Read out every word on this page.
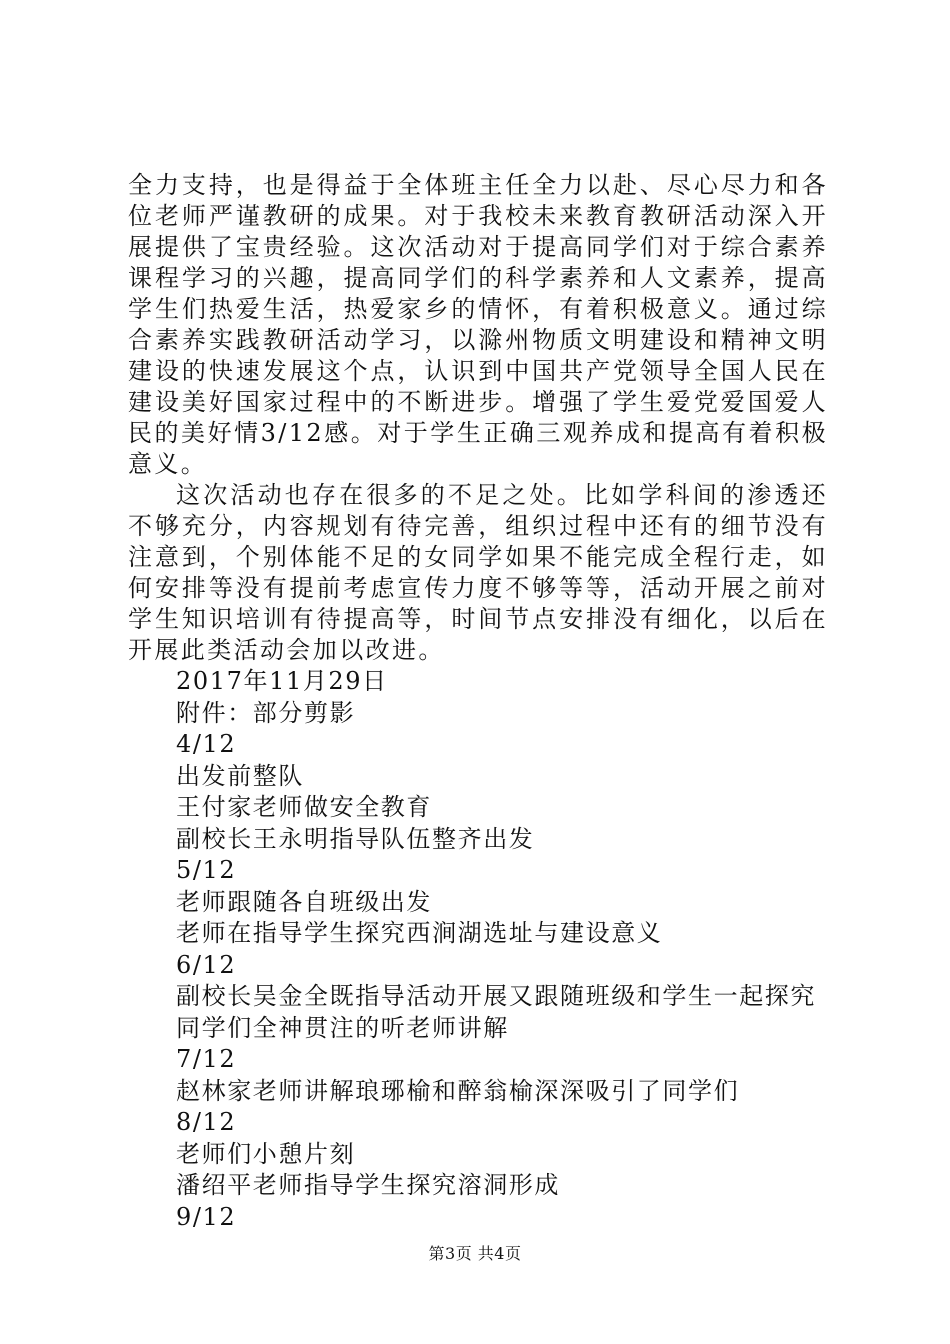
全力支持，也是得益于全体班主任全力以赴、尽心尽力和各位老师严谨教研的成果。对于我校未来教育教研活动深入开展提供了宝贵经验。这次活动对于提高同学们对于综合素养课程学习的兴趣，提高同学们的科学素养和人文素养，提高学生们热爱生活，热爱家乡的情怀，有着积极意义。通过综合素养实践教研活动学习，以滁州物质文明建设和精神文明建设的快速发展这个点，认识到中国共产党领导全国人民在建设美好国家过程中的不断进步。增强了学生爱党爱国爱人民的美好情3/12感。对于学生正确三观养成和提高有着积极意义。

这次活动也存在很多的不足之处。比如学科间的渗透还不够充分，内容规划有待完善，组织过程中还有的细节没有注意到，个别体能不足的女同学如果不能完成全程行走，如何安排等没有提前考虑宣传力度不够等等，活动开展之前对学生知识培训有待提高等，时间节点安排没有细化，以后在开展此类活动会加以改进。

2017年11月29日
附件：部分剪影
4/12
出发前整队
王付家老师做安全教育
副校长王永明指导队伍整齐出发
5/12
老师跟随各自班级出发
老师在指导学生探究西涧湖选址与建设意义
6/12
副校长吴金全既指导活动开展又跟随班级和学生一起探究
同学们全神贯注的听老师讲解
7/12
赵林家老师讲解琅琊榆和醉翁榆深深吸引了同学们
8/12
老师们小憩片刻
潘绍平老师指导学生探究溶洞形成
9/12
第3页 共4页
